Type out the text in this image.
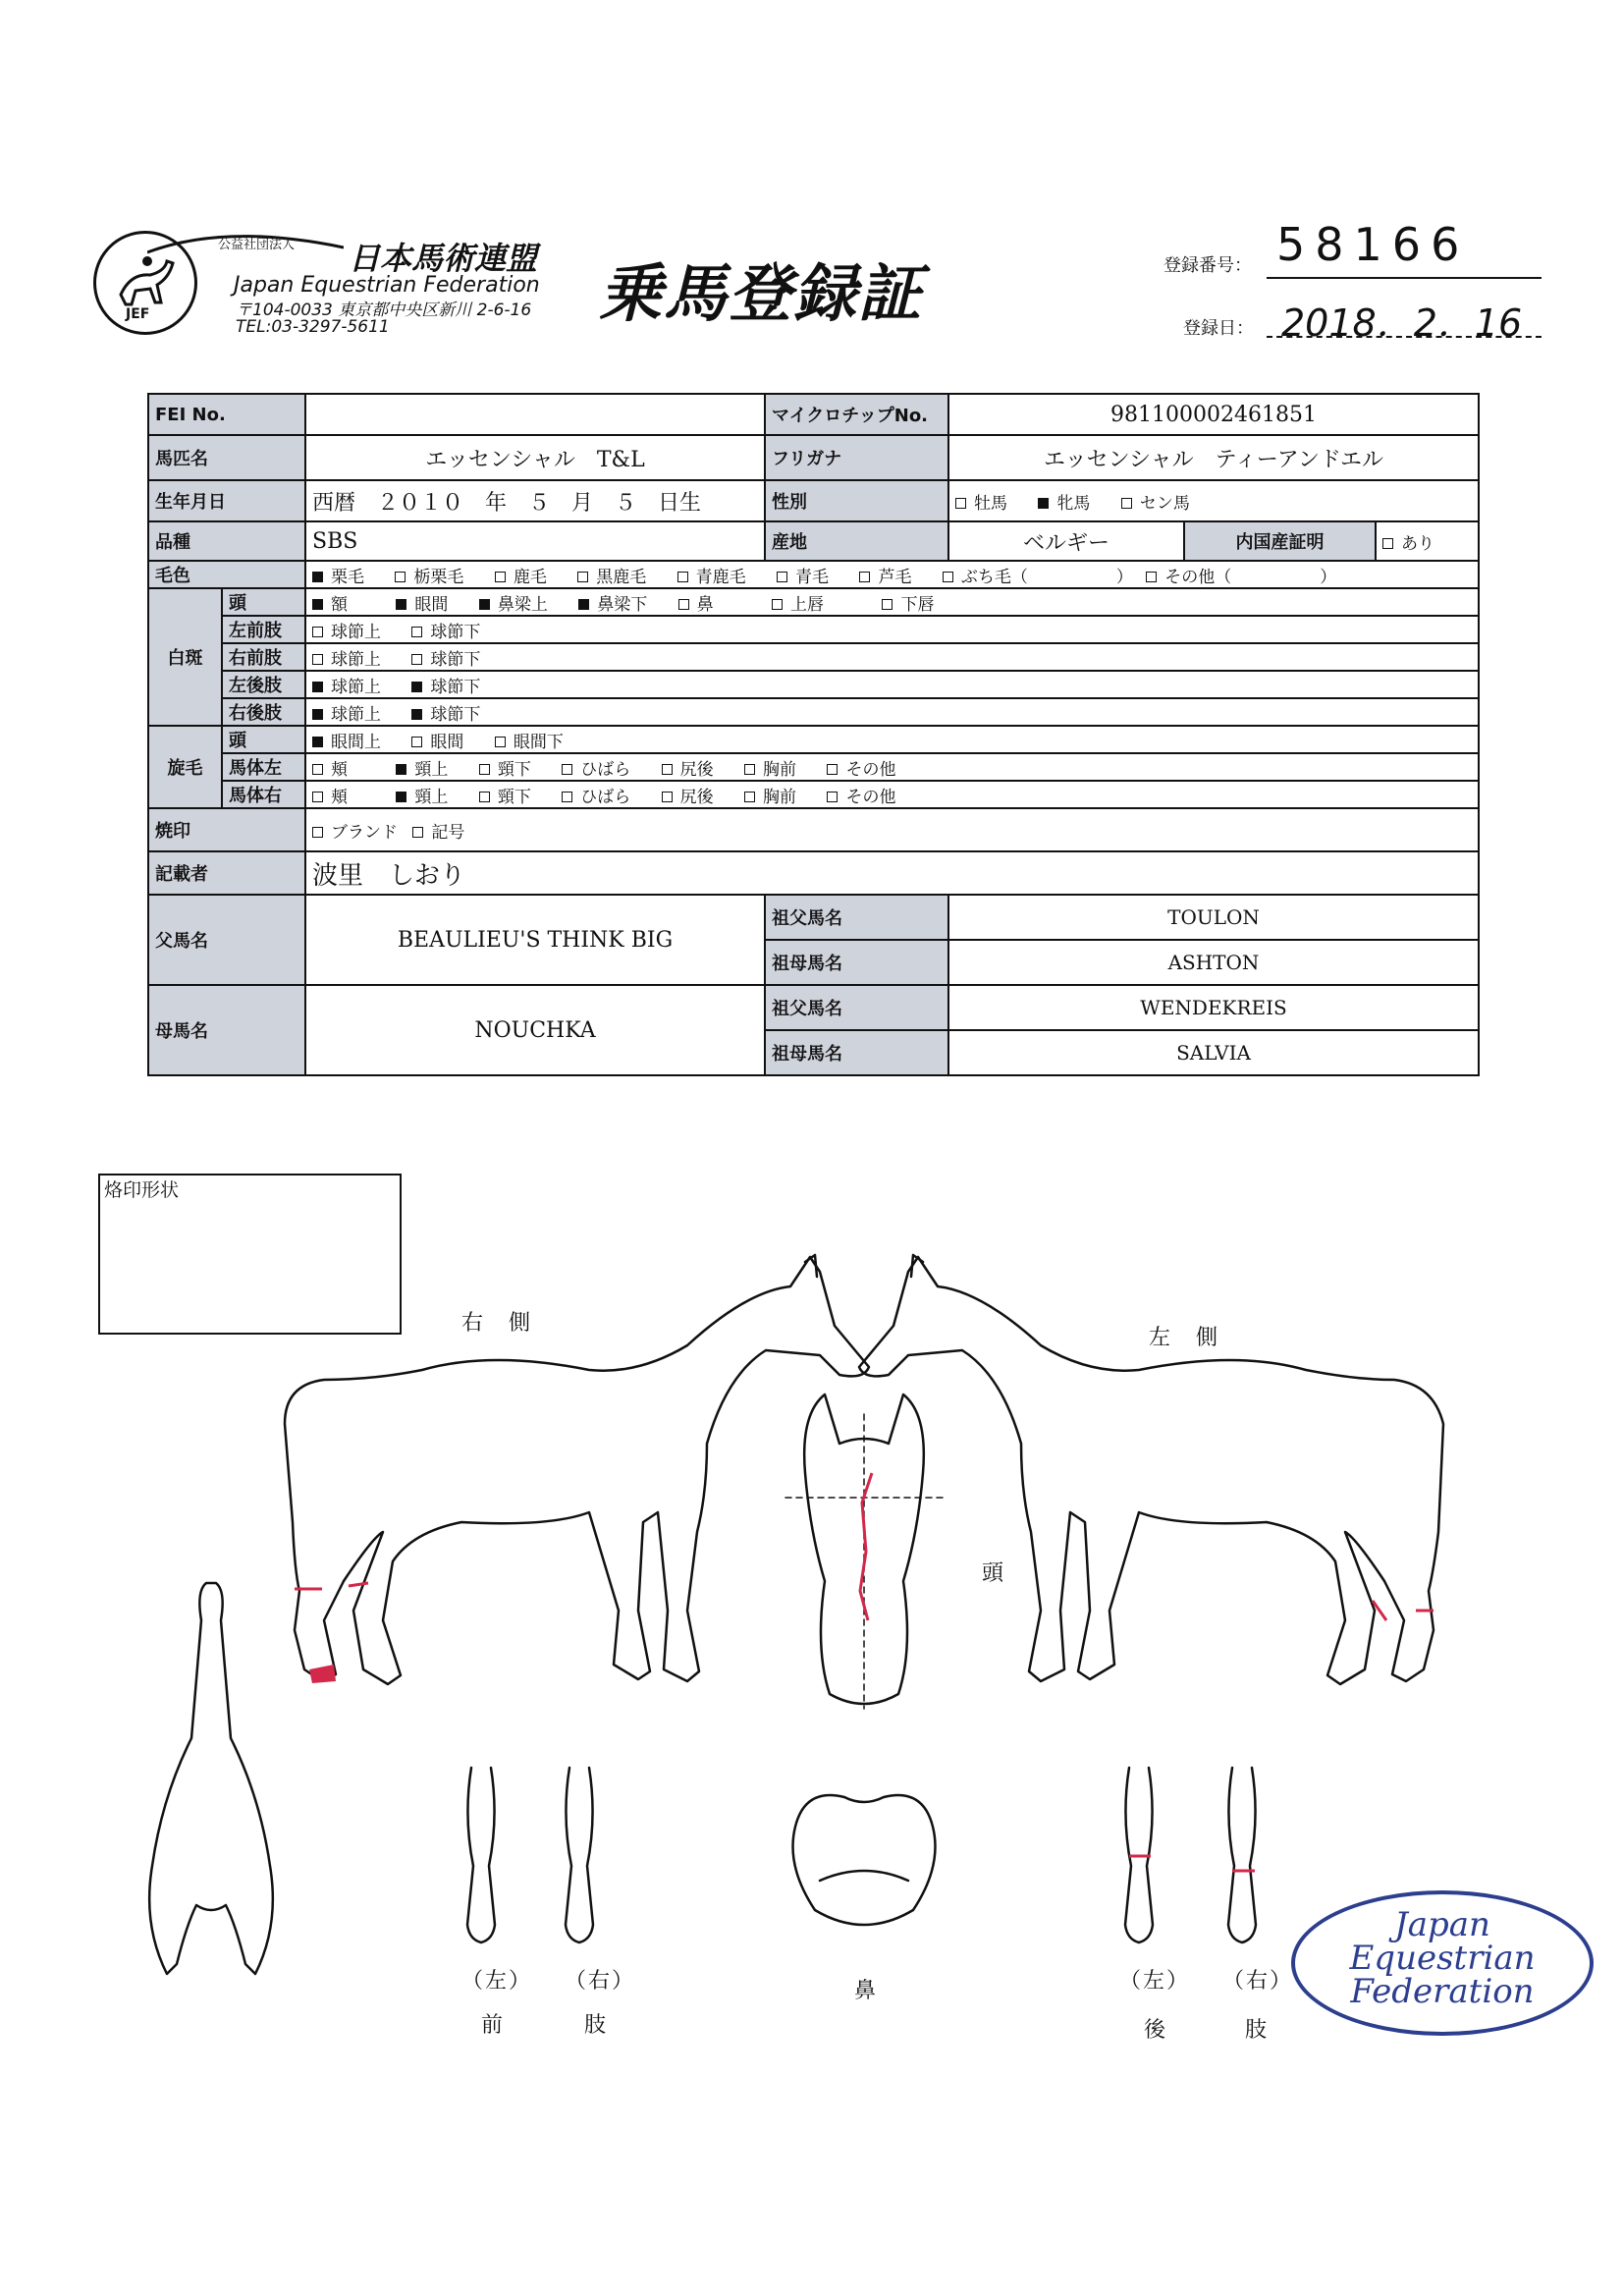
JEF
公益社団法人 日本馬術連盟
Japan Equestrian Federation
〒104-0033 東京都中央区新川 2-6-16
TEL:03-3297-5611	乗馬登録証	登録番号： 58166
登録日： 2018．2．16
FEI No.			マイクロチップNo.	981100002461851		
馬匹名		エッセンシャル　T&L	フリガナ	エッセンシャル　ティーアンドエル		
生年月日		西暦　２０１０　年　５　月　５　日生	性別	牡馬 牝馬 セン馬		
品種		SBS	産地	ベルギー	内国産証明	あり
毛色		栗毛 栃栗毛 鹿毛 黒鹿毛 青鹿毛 青毛 芦毛 ぶち毛（ ） その他（ ）				
白斑	頭	額 眼間 鼻梁上 鼻梁下 鼻 上唇 下唇				
	左前肢	球節上 球節下				
	右前肢	球節上 球節下				
	左後肢	球節上 球節下				
	右後肢	球節上 球節下				
旋毛	頭	眼間上 眼間 眼間下				
	馬体左	頬 頸上 頸下 ひばら 尻後 胸前 その他				
	馬体右	頬 頸上 頸下 ひばら 尻後 胸前 その他				
焼印		ブランド 記号				
記載者		波里　しおり				
父馬名		BEAULIEU'S THINK BIG	祖父馬名	TOULON		
			祖母馬名	ASHTON		
母馬名		NOUCHKA	祖父馬名	WENDEKREIS		
			祖母馬名	SALVIA		
烙印形状
右　側
左　側
頭
鼻
（左） （右）
前	肢
（左） （右）
後	肢
Japan
Equestrian
Federation
